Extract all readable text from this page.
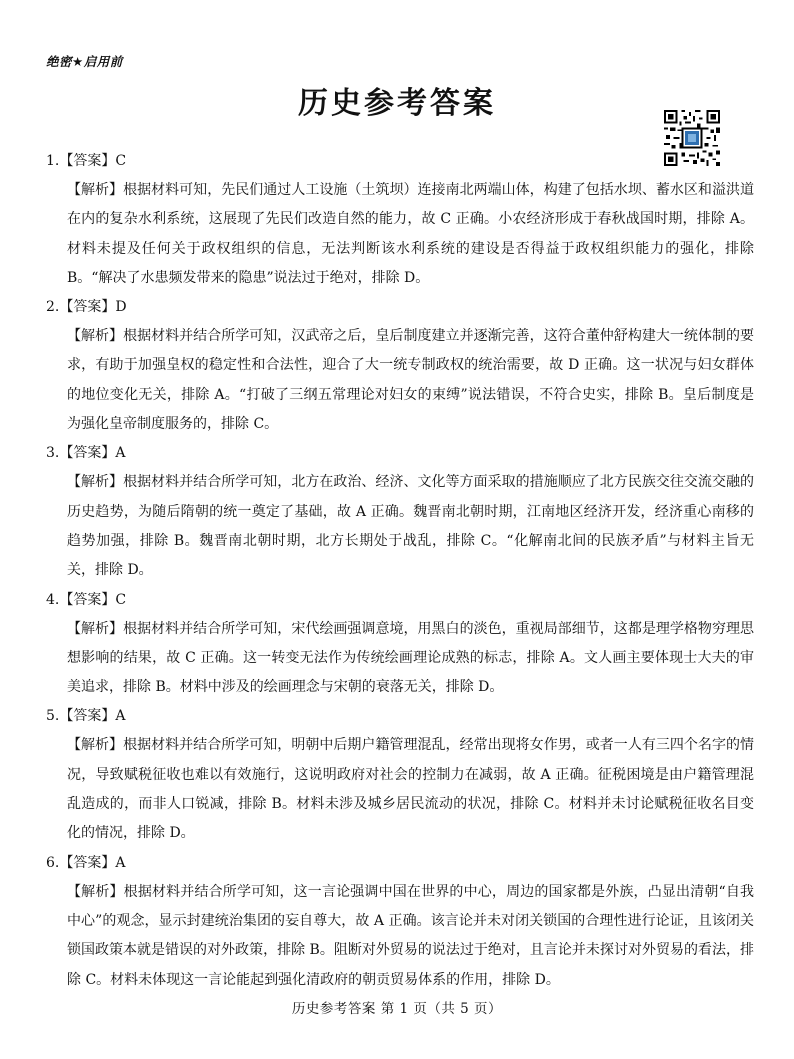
绝密★启用前
历史参考答案
1.【答案】C

【解析】根据材料可知，先民们通过人工设施（土筑坝）连接南北两端山体，构建了包括水坝、蓄水区和溢洪道在内的复杂水利系统，这展现了先民们改造自然的能力，故 C 正确。小农经济形成于春秋战国时期，排除 A。材料未提及任何关于政权组织的信息，无法判断该水利系统的建设是否得益于政权组织能力的强化，排除 B。“解决了水患频发带来的隐患”说法过于绝对，排除 D。

2.【答案】D

【解析】根据材料并结合所学可知，汉武帝之后，皇后制度建立并逐渐完善，这符合董仲舒构建大一统体制的要求，有助于加强皇权的稳定性和合法性，迎合了大一统专制政权的统治需要，故 D 正确。这一状况与妇女群体的地位变化无关，排除 A。“打破了三纲五常理论对妇女的束缚”说法错误，不符合史实，排除 B。皇后制度是为强化皇帝制度服务的，排除 C。

3.【答案】A

【解析】根据材料并结合所学可知，北方在政治、经济、文化等方面采取的措施顺应了北方民族交往交流交融的历史趋势，为随后隋朝的统一奠定了基础，故 A 正确。魏晋南北朝时期，江南地区经济开发，经济重心南移的趋势加强，排除 B。魏晋南北朝时期，北方长期处于战乱，排除 C。“化解南北间的民族矛盾”与材料主旨无关，排除 D。

4.【答案】C

【解析】根据材料并结合所学可知，宋代绘画强调意境，用黑白的淡色，重视局部细节，这都是理学格物穷理思想影响的结果，故 C 正确。这一转变无法作为传统绘画理论成熟的标志，排除 A。文人画主要体现士大夫的审美追求，排除 B。材料中涉及的绘画理念与宋朝的衰落无关，排除 D。

5.【答案】A

【解析】根据材料并结合所学可知，明朝中后期户籍管理混乱，经常出现将女作男，或者一人有三四个名字的情况，导致赋税征收也难以有效施行，这说明政府对社会的控制力在减弱，故 A 正确。征税困境是由户籍管理混乱造成的，而非人口锐减，排除 B。材料未涉及城乡居民流动的状况，排除 C。材料并未讨论赋税征收名目变化的情况，排除 D。

6.【答案】A

【解析】根据材料并结合所学可知，这一言论强调中国在世界的中心，周边的国家都是外族，凸显出清朝“自我中心”的观念，显示封建统治集团的妄自尊大，故 A 正确。该言论并未对闭关锁国的合理性进行论证，且该闭关锁国政策本就是错误的对外政策，排除 B。阻断对外贸易的说法过于绝对，且言论并未探讨对外贸易的看法，排除 C。材料未体现这一言论能起到强化清政府的朝贡贸易体系的作用，排除 D。

历史参考答案 第 1 页（共 5 页）
